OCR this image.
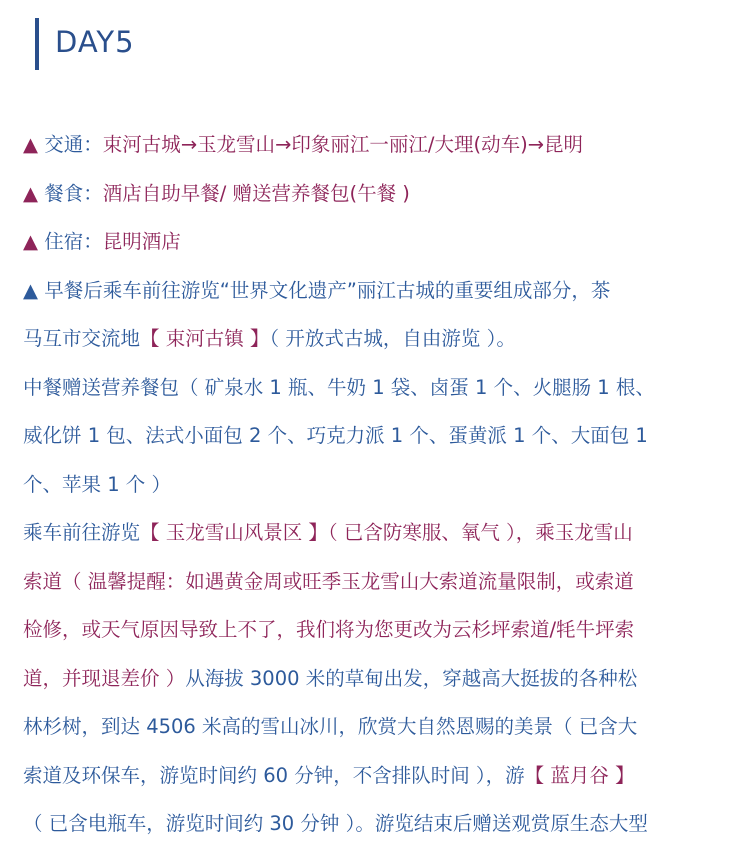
DAY5
▲ 交通：束河古城→玉龙雪山→印象丽江一丽江/大理(动车)→昆明
▲ 餐食：酒店自助早餐/ 赠送营养餐包(午餐 )
▲ 住宿：昆明酒店
▲ 早餐后乘车前往游览“世界文化遗产”丽江古城的重要组成部分，茶
马互市交流地【 束河古镇 】（ 开放式古城，自由游览 ）。
中餐赠送营养餐包（ 矿泉水 1 瓶、牛奶 1 袋、卤蛋 1 个、火腿肠 1 根、
威化饼 1 包、法式小面包 2 个、巧克力派 1 个、蛋黄派 1 个、大面包 1
个、苹果 1 个 ）
乘车前往游览【 玉龙雪山风景区 】（ 已含防寒服、氧气 ），乘玉龙雪山
索道（ 温馨提醒：如遇黄金周或旺季玉龙雪山大索道流量限制，或索道
检修，或天气原因导致上不了，我们将为您更改为云杉坪索道/牦牛坪索
道，并现退差价 ）从海拔 3000 米的草甸出发，穿越高大挺拔的各种松
林杉树，到达 4506 米高的雪山冰川，欣赏大自然恩赐的美景（ 已含大
索道及环保车，游览时间约 60 分钟，不含排队时间 ），游【 蓝月谷 】
（ 已含电瓶车，游览时间约 30 分钟 ）。游览结束后赠送观赏原生态大型
